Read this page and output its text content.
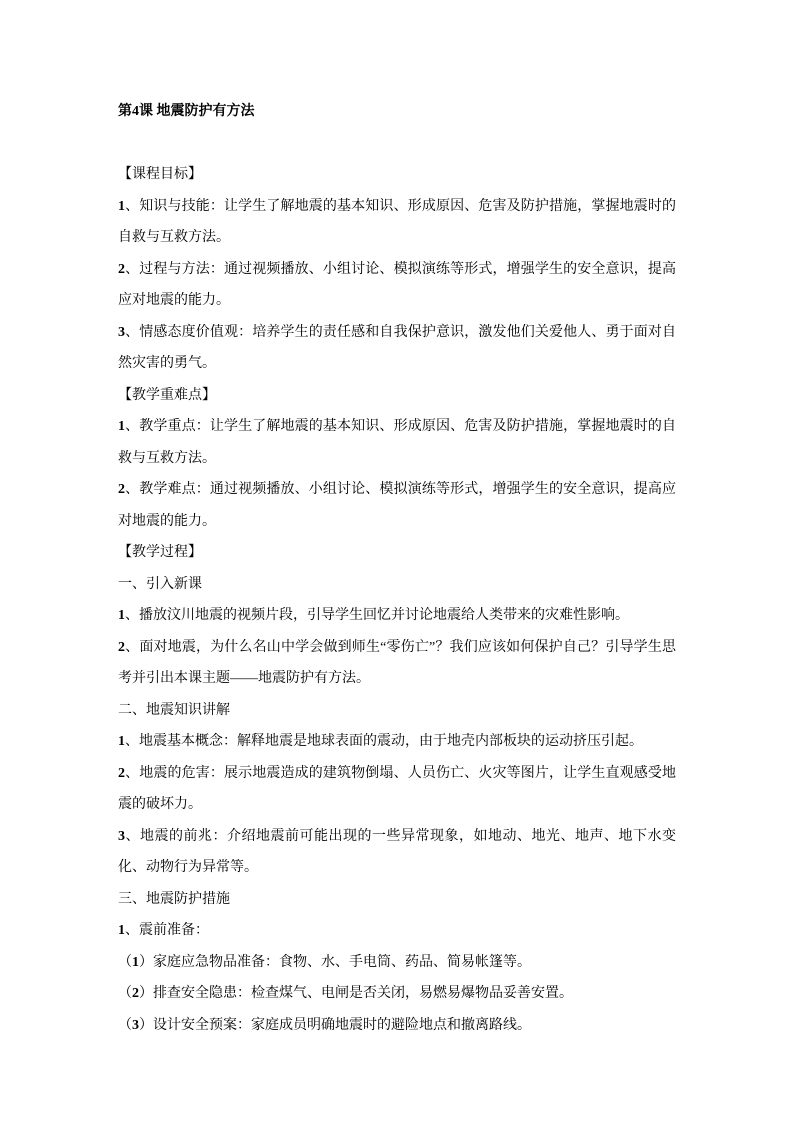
第4课 地震防护有方法
【课程目标】
1、知识与技能：让学生了解地震的基本知识、形成原因、危害及防护措施，掌握地震时的自救与互救方法。
2、过程与方法：通过视频播放、小组讨论、模拟演练等形式，增强学生的安全意识，提高应对地震的能力。
3、情感态度价值观：培养学生的责任感和自我保护意识，激发他们关爱他人、勇于面对自然灾害的勇气。
【教学重难点】
1、教学重点：让学生了解地震的基本知识、形成原因、危害及防护措施，掌握地震时的自救与互救方法。
2、教学难点：通过视频播放、小组讨论、模拟演练等形式，增强学生的安全意识，提高应对地震的能力。
【教学过程】
一、引入新课
1、播放汶川地震的视频片段，引导学生回忆并讨论地震给人类带来的灾难性影响。
2、面对地震，为什么名山中学会做到师生“零伤亡”？我们应该如何保护自己？引导学生思考并引出本课主题——地震防护有方法。
二、地震知识讲解
1、地震基本概念：解释地震是地球表面的震动，由于地壳内部板块的运动挤压引起。
2、地震的危害：展示地震造成的建筑物倒塌、人员伤亡、火灾等图片，让学生直观感受地震的破坏力。
3、地震的前兆：介绍地震前可能出现的一些异常现象，如地动、地光、地声、地下水变化、动物行为异常等。
三、地震防护措施
1、震前准备：
（1）家庭应急物品准备：食物、水、手电筒、药品、简易帐篷等。
（2）排查安全隐患：检查煤气、电闸是否关闭，易燃易爆物品妥善安置。
（3）设计安全预案：家庭成员明确地震时的避险地点和撤离路线。
